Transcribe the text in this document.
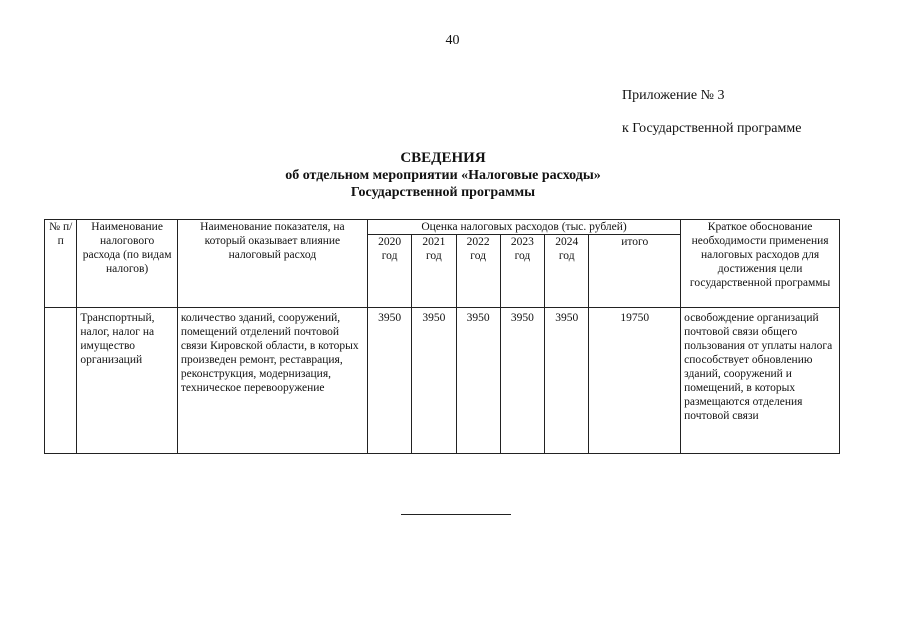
40
Приложение № 3
к Государственной программе
СВЕДЕНИЯ
об отдельном мероприятии «Налоговые расходы»
Государственной программы
№ п/п	Наименование налогового расхода (по видам налогов)	Наименование показателя, на который оказывает влияние налоговый расход	Оценка налоговых расходов (тыс. рублей)						Краткое обоснование необходимости применения налоговых расходов для достижения цели государственной программы
			2020 год	2021 год	2022 год	2023 год	2024 год	итого	
	Транспортный, налог, налог на имущество организаций	количество зданий, сооружений, помещений отделений почтовой связи Кировской области, в которых произведен ремонт, реставрация, реконструкция, модернизация, техническое перевооружение	3950	3950	3950	3950	3950	19750	освобождение организаций почтовой связи общего пользования от уплаты налога способствует обновлению зданий, сооружений и помещений, в которых размещаются отделения почтовой связи
